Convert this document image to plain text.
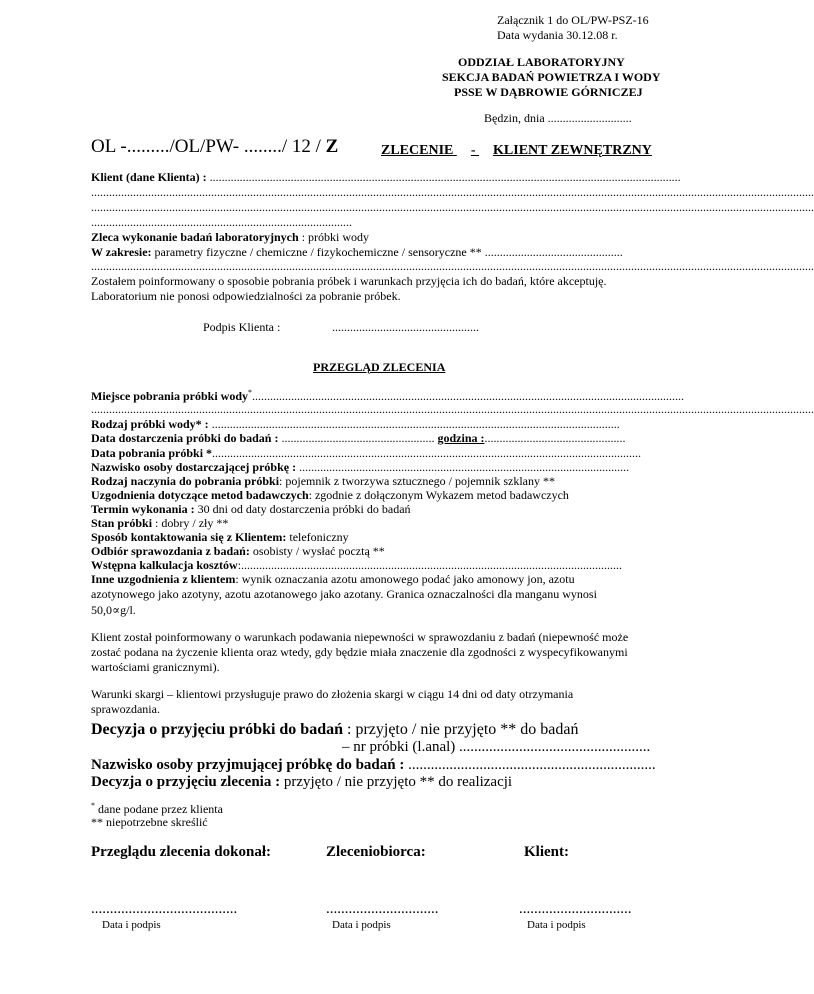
Załącznik 1 do OL/PW-PSZ-16
Data wydania 30.12.08 r.
ODDZIAŁ LABORATORYJNY
SEKCJA BADAŃ POWIETRZA I WODY
PSSE W DĄBROWIE GÓRNICZEJ
Będzin, dnia ............................
OL -........./OL/PW- ......../ 12 / Z	ZLECENIE - KLIENT ZEWNĘTRZNY
Klient (dane Klienta) : .............................................................................................................................................................
.................................................................................................................................................................................................................................................
.................................................................................................................................................................................................................................................
.......................................................................................
Zleca wykonanie badań laboratoryjnych : próbki wody
W zakresie: parametry fizyczne / chemiczne / fizykochemiczne / sensoryczne ** ..............................................
.................................................................................................................................................................................................................................................
Zostałem poinformowany o sposobie pobrania próbek i warunkach przyjęcia ich do badań, które akceptuję.
Laboratorium nie ponosi odpowiedzialności za pobranie próbek.
Podpis Klienta :	.................................................
PRZEGLĄD ZLECENIA
Miejsce pobrania próbki wody*................................................................................................................................................
.................................................................................................................................................................................................................................................
Rodzaj próbki wody* : ........................................................................................................................................
Data dostarczenia próbki do badań : ................................................... godzina :...............................................
Data pobrania próbki *...............................................................................................................................................
Nazwisko osoby dostarczającej próbkę : ..............................................................................................................
Rodzaj naczynia do pobrania próbki: pojemnik z tworzywa sztucznego / pojemnik szklany **
Uzgodnienia dotyczące metod badawczych: zgodnie z dołączonym Wykazem metod badawczych
Termin wykonania : 30 dni od daty dostarczenia próbki do badań
Stan próbki : dobry / zły **
Sposób kontaktowania się z Klientem: telefoniczny
Odbiór sprawozdania z badań: osobisty / wysłać pocztą **
Wstępna kalkulacja kosztów:...............................................................................................................................
Inne uzgodnienia z klientem: wynik oznaczania azotu amonowego podać jako amonowy jon, azotu
azotynowego jako azotyny, azotu azotanowego jako azotany. Granica oznaczalności dla manganu wynosi
50,0∝g/l.
Klient został poinformowany o warunkach podawania niepewności w sprawozdaniu z badań (niepewność może
zostać podana na życzenie klienta oraz wtedy, gdy będzie miała znaczenie dla zgodności z wyspecyfikowanymi
wartościami granicznymi).
Warunki skargi – klientowi przysługuje prawo do złożenia skargi w ciągu 14 dni od daty otrzymania
sprawozdania.
Decyzja o przyjęciu próbki do badań : przyjęto / nie przyjęto ** do badań
– nr próbki (l.anal) ...................................................
Nazwisko osoby przyjmującej próbkę do badań : ..................................................................
Decyzja o przyjęciu zlecenia : przyjęto / nie przyjęto ** do realizacji
* dane podane przez klienta
** niepotrzebne skreślić
Przeglądu zlecenia dokonał:	Zleceniobiorca:	Klient:
.......................................	..............................	..............................
Data i podpis	Data i podpis	Data i podpis
